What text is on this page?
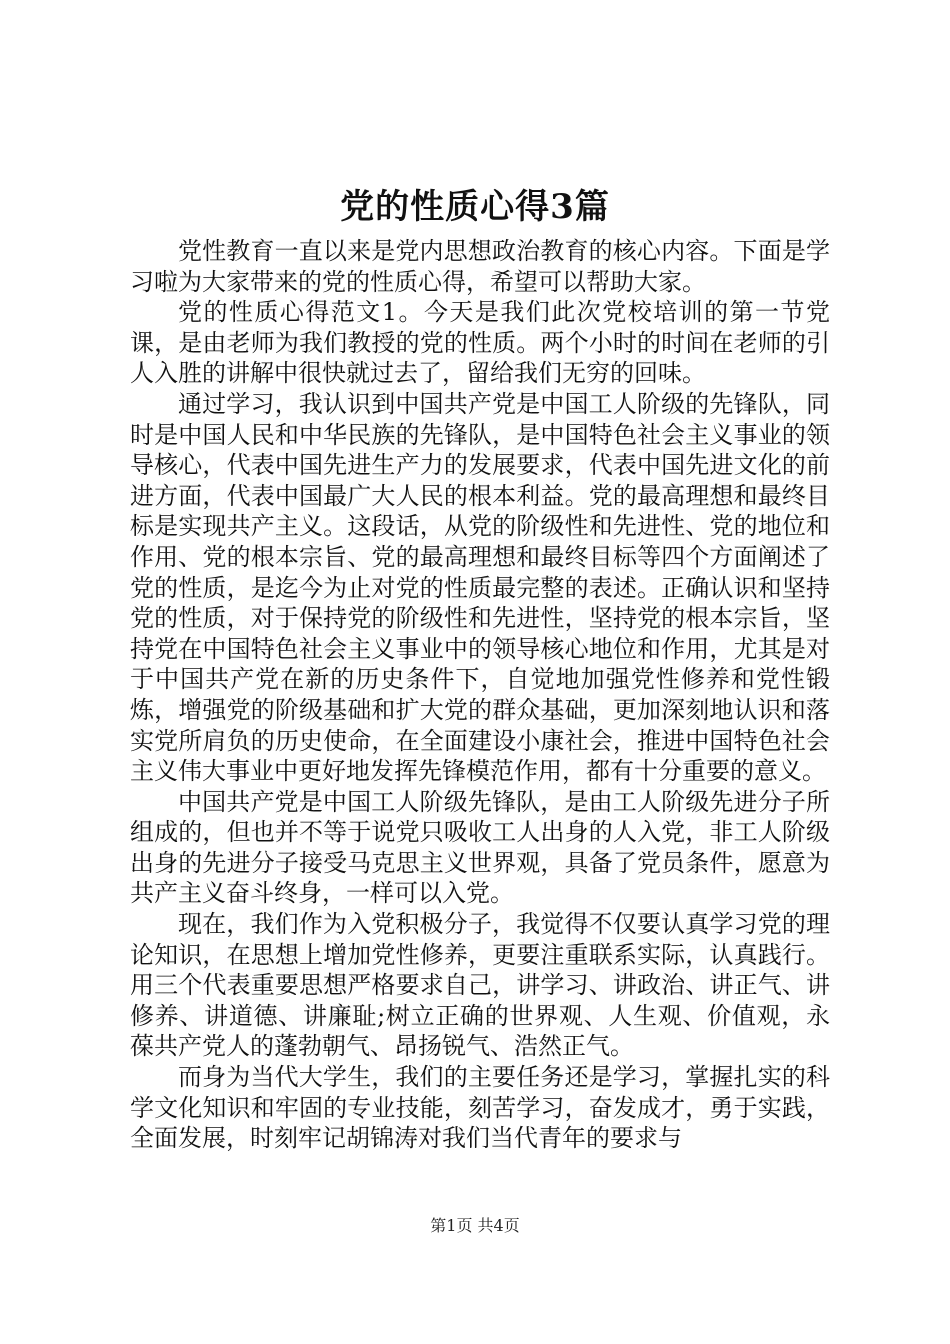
党的性质心得3篇

党性教育一直以来是党内思想政治教育的核心内容。下面是学习啦为大家带来的党的性质心得，希望可以帮助大家。

党的性质心得范文1。今天是我们此次党校培训的第一节党课，是由老师为我们教授的党的性质。两个小时的时间在老师的引人入胜的讲解中很快就过去了，留给我们无穷的回味。

通过学习，我认识到中国共产党是中国工人阶级的先锋队，同时是中国人民和中华民族的先锋队，是中国特色社会主义事业的领导核心，代表中国先进生产力的发展要求，代表中国先进文化的前进方面，代表中国最广大人民的根本利益。党的最高理想和最终目标是实现共产主义。这段话，从党的阶级性和先进性、党的地位和作用、党的根本宗旨、党的最高理想和最终目标等四个方面阐述了党的性质，是迄今为止对党的性质最完整的表述。正确认识和坚持党的性质，对于保持党的阶级性和先进性，坚持党的根本宗旨，坚持党在中国特色社会主义事业中的领导核心地位和作用，尤其是对于中国共产党在新的历史条件下，自觉地加强党性修养和党性锻炼，增强党的阶级基础和扩大党的群众基础，更加深刻地认识和落实党所肩负的历史使命，在全面建设小康社会，推进中国特色社会主义伟大事业中更好地发挥先锋模范作用，都有十分重要的意义。

中国共产党是中国工人阶级先锋队，是由工人阶级先进分子所组成的，但也并不等于说党只吸收工人出身的人入党，非工人阶级出身的先进分子接受马克思主义世界观，具备了党员条件，愿意为共产主义奋斗终身，一样可以入党。

现在，我们作为入党积极分子，我觉得不仅要认真学习党的理论知识，在思想上增加党性修养，更要注重联系实际，认真践行。用三个代表重要思想严格要求自己，讲学习、讲政治、讲正气、讲修养、讲道德、讲廉耻;树立正确的世界观、人生观、价值观，永葆共产党人的蓬勃朝气、昂扬锐气、浩然正气。

而身为当代大学生，我们的主要任务还是学习，掌握扎实的科学文化知识和牢固的专业技能，刻苦学习，奋发成才，勇于实践，全面发展，时刻牢记胡锦涛对我们当代青年的要求与

第1页 共4页
